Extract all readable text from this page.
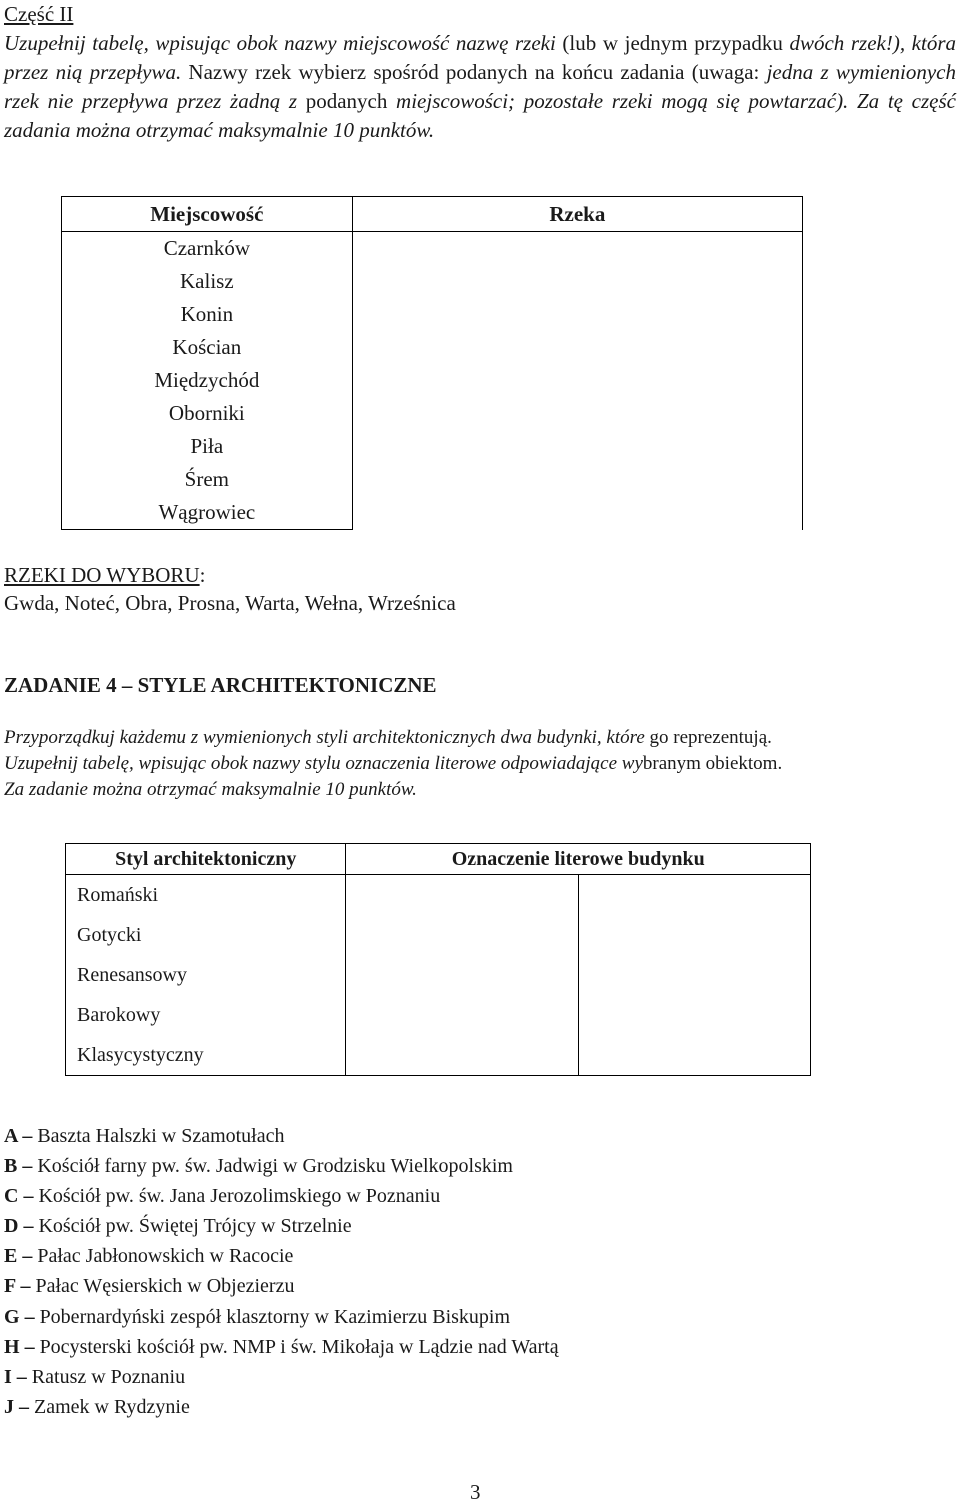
Część II
Uzupełnij tabelę, wpisując obok nazwy miejscowość nazwę rzeki (lub w jednym przypadku dwóch rzek!), która przez nią przepływa. Nazwy rzek wybierz spośród podanych na końcu zadania (uwaga: jedna z wymienionych rzek nie przepływa przez żadną z podanych miejscowości; pozostałe rzeki mogą się powtarzać). Za tę część zadania można otrzymać maksymalnie 10 punktów.
Miejscowość	Rzeka
Czarnków	
Kalisz	
Konin	
Kościan	
Międzychód	
Oborniki	
Piła	
Śrem	
Wągrowiec	
RZEKI DO WYBORU:
Gwda, Noteć, Obra, Prosna, Warta, Wełna, Wrześnica
ZADANIE 4 – STYLE ARCHITEKTONICZNE
Przyporządkuj każdemu z wymienionych styli architektonicznych dwa budynki, które go reprezentują.
Uzupełnij tabelę, wpisując obok nazwy stylu oznaczenia literowe odpowiadające wybranym obiektom.
Za zadanie można otrzymać maksymalnie 10 punktów.
Styl architektoniczny	Oznaczenie literowe budynku	
Romański		
Gotycki		
Renesansowy		
Barokowy		
Klasycystyczny		
A – Baszta Halszki w Szamotułach
B – Kościół farny pw. św. Jadwigi w Grodzisku Wielkopolskim
C – Kościół pw. św. Jana Jerozolimskiego w Poznaniu
D – Kościół pw. Świętej Trójcy w Strzelnie
E – Pałac Jabłonowskich w Racocie
F – Pałac Węsierskich w Objezierzu
G – Pobernardyński zespół klasztorny w Kazimierzu Biskupim
H – Pocysterski kościół pw. NMP i św. Mikołaja w Lądzie nad Wartą
I – Ratusz w Poznaniu
J – Zamek w Rydzynie
3
